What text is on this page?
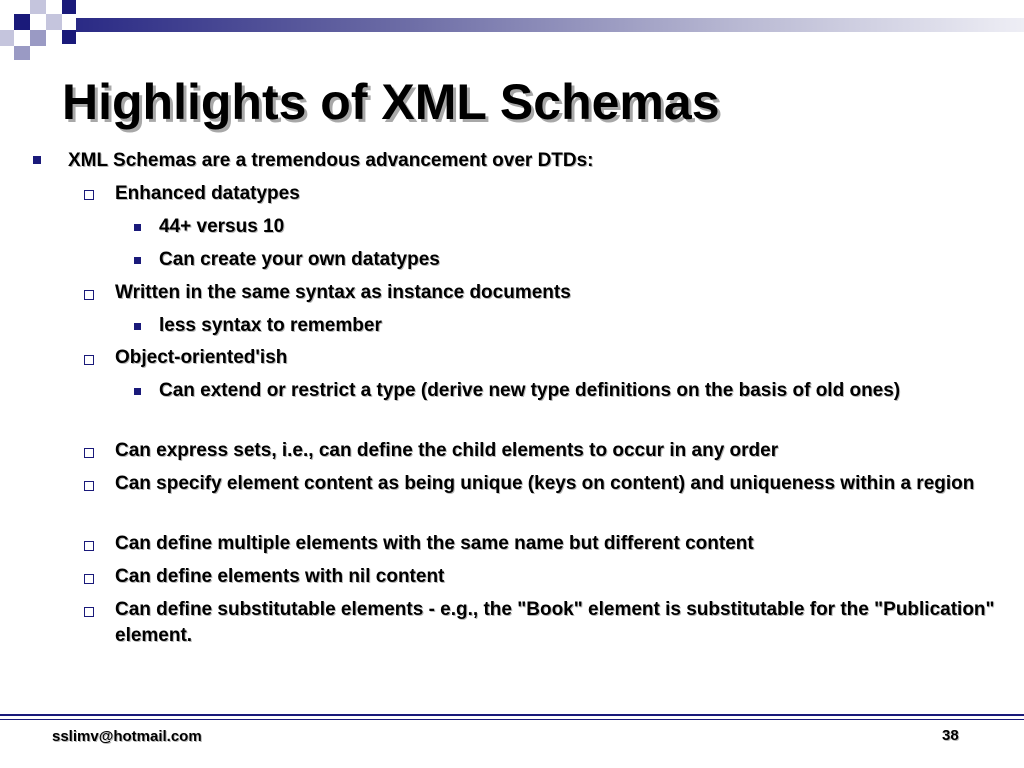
Highlights of XML Schemas
XML Schemas are a tremendous advancement over DTDs:
Enhanced datatypes
44+ versus 10
Can create your own datatypes
Written in the same syntax as instance documents
less syntax to remember
Object-oriented'ish
Can extend or restrict a type (derive new type definitions on the basis of old ones)
Can express sets, i.e., can define the child elements to occur in any order
Can specify element content as being unique (keys on content) and uniqueness within a region
Can define multiple elements with the same name but different content
Can define elements with nil content
Can define substitutable elements - e.g., the "Book" element is substitutable for the "Publication" element.
sslimv@hotmail.com	38
